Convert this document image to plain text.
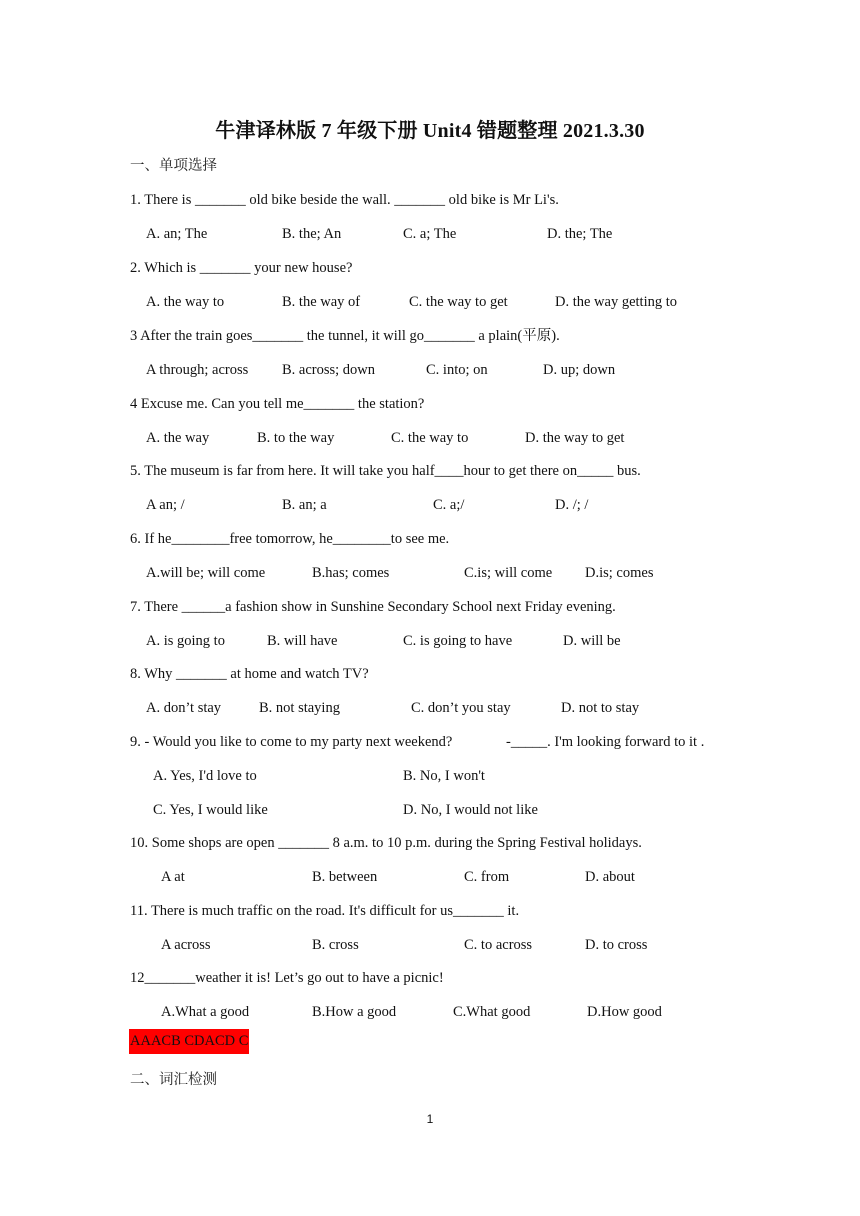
牛津译林版 7 年级下册 Unit4 错题整理 2021.3.30
一、单项选择
1. There is _______ old bike beside the wall. _______ old bike is Mr Li's.
A. an; The	B. the; An	C. a; The	D. the; The
2. Which is _______ your new house?
A. the way to	B. the way of	C. the way to get	D. the way getting to
3 After the train goes_______ the tunnel, it will go_______ a plain(平原).
A through; across B. across; down	C. into; on	D. up; down
4 Excuse me. Can you tell me_______ the station?
A. the way	B. to the way	C. the way to	D. the way to get
5. The museum is far from here. It will take you half____hour to get there on_____ bus.
A an; /	B. an; a	C. a;/	D. /; /
6. If he________free tomorrow, he________to see me.
A.will be; will come	B.has; comes	C.is; will come D.is; comes
7. There ______a fashion show in Sunshine Secondary School next Friday evening.
A. is going to	B. will have	C. is going to have	D. will be
8. Why _______ at home and watch TV?
A. don’t stay	B. not staying	C. don’t you stay	D. not to stay
9. - Would you like to come to my party next weekend?	-_____. I'm looking forward to it .
A. Yes, I'd love to	B. No, I won't
C. Yes, I would like	D. No, I would not like
10. Some shops are open _______ 8 a.m. to 10 p.m. during the Spring Festival holidays.
A at	B. between	C. from	D. about
11. There is much traffic on the road. It's difficult for us_______ it.
A across	B. cross	C. to across	D. to cross
12_______weather it is! Let’s go out to have a picnic!
A.What a good	B.How a good	C.What good	D.How good
AAACB CDACD C
二、词汇检测
1
